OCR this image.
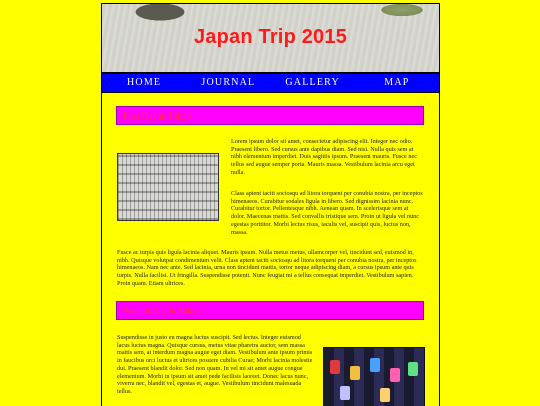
Japan Trip 2015
HOME	JOURNAL	GALLERY	MAP
First Day in Tokyo
Lorem ipsum dolor sit amet, consectetur adipiscing elit. Integer nec odio. Praesent libero. Sed cursus ante dapibus diam. Sed nisi. Nulla quis sem at nibh elementum imperdiet. Duis sagittis ipsum. Praesent mauris. Fusce nec tellus sed augue semper porta. Mauris massa. Vestibulum lacinia arcu eget nulla.
Class aptent taciti sociosqu ad litora torquent per conubia nostra, per inceptos himenaeos. Curabitur sodales ligula in libero. Sed dignissim lacinia nunc. Curabitur tortor. Pellentesque nibh. Aenean quam. In scelerisque sem at dolor. Maecenas mattis. Sed convallis tristique sem. Proin ut ligula vel nunc egestas porttitor. Morbi lectus risus, iaculis vel, suscipit quis, luctus non, massa.
Fusce ac turpis quis ligula lacinia aliquet. Mauris ipsum. Nulla metus metus, ullamcorper vel, tincidunt sed, euismod in, nibh. Quisque volutpat condimentum velit. Class aptent taciti sociosqu ad litora torquent per conubia nostra, per inceptos himenaeos. Nam nec ante. Sed lacinia, urna non tincidunt mattis, tortor neque adipiscing diam, a cursus ipsum ante quis turpis. Nulla facilisi. Ut fringilla. Suspendisse potenti. Nunc feugiat mi a tellus consequat imperdiet. Vestibulum sapien. Proin quam. Etiam ultrices.
Second Day in Tokyo
Suspendisse in justo eu magna luctus suscipit. Sed lectus. Integer euismod lacus luctus magna. Quisque cursus, metus vitae pharetra auctor, sem massa mattis sem, at interdum magna augue eget diam. Vestibulum ante ipsum primis in faucibus orci luctus et ultrices posuere cubilia Curae; Morbi lacinia molestie dui. Praesent blandit dolor. Sed non quam. In vel mi sit amet augue congue elementum. Morbi in ipsum sit amet pede facilisis laoreet. Donec lacus nunc, viverra nec, blandit vel, egestas et, augue. Vestibulum tincidunt malesuada tellus.
